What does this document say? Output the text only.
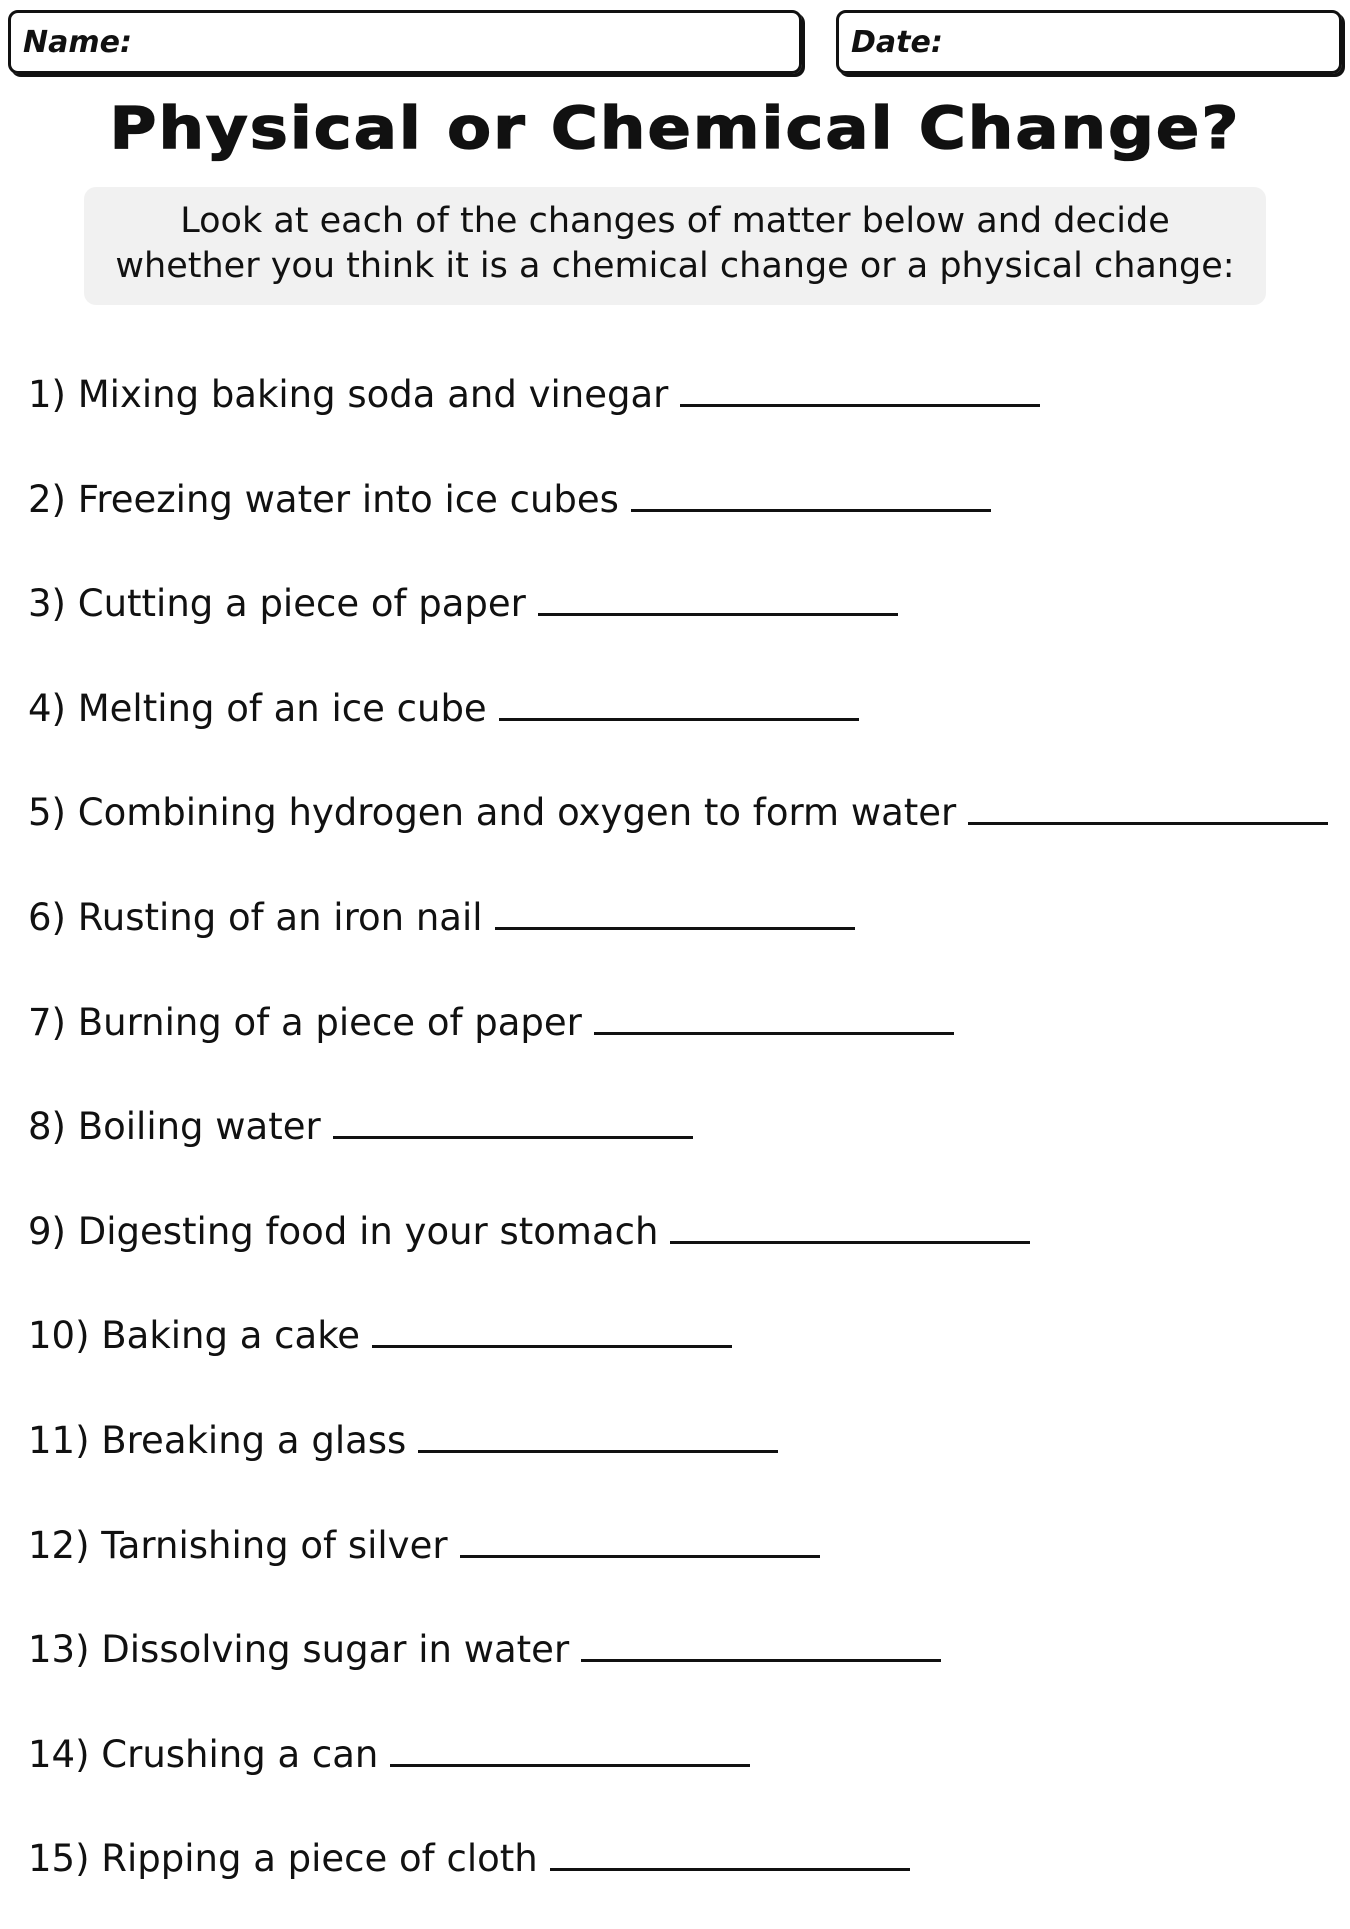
Name:	Date:
Physical or Chemical Change?
Look at each of the changes of matter below and decide whether you think it is a chemical change or a physical change:
1) Mixing baking soda and vinegar
2) Freezing water into ice cubes
3) Cutting a piece of paper
4) Melting of an ice cube
5) Combining hydrogen and oxygen to form water
6) Rusting of an iron nail
7) Burning of a piece of paper
8) Boiling water
9) Digesting food in your stomach
10) Baking a cake
11) Breaking a glass
12) Tarnishing of silver
13) Dissolving sugar in water
14) Crushing a can
15) Ripping a piece of cloth
